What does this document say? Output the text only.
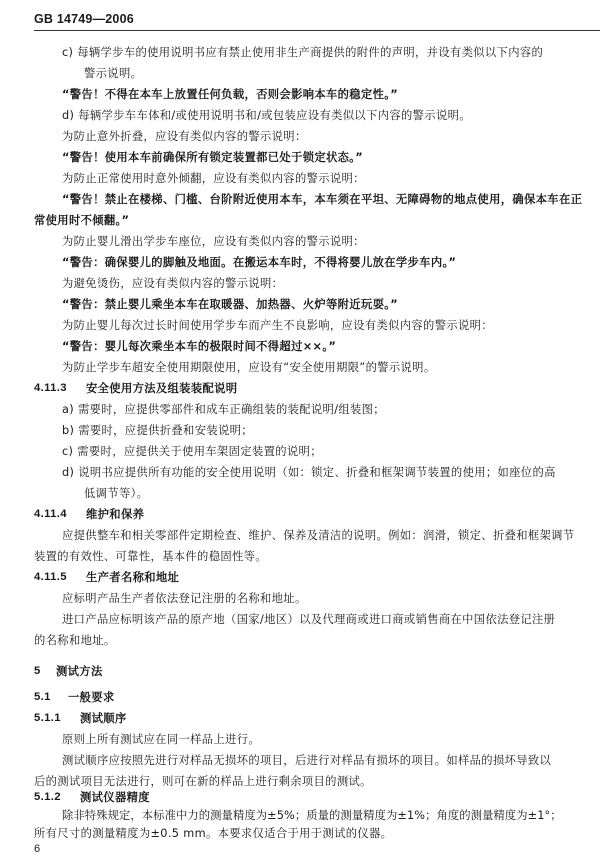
GB 14749—2006
c) 每辆学步车的使用说明书应有禁止使用非生产商提供的附件的声明，并设有类似以下内容的
警示说明。
“警告！不得在本车上放置任何负载，否则会影响本车的稳定性。”
d) 每辆学步车车体和/或使用说明书和/或包装应设有类似以下内容的警示说明。
为防止意外折叠，应设有类似内容的警示说明：
“警告！使用本车前确保所有锁定装置都已处于锁定状态。”
为防止正常使用时意外倾翻，应设有类似内容的警示说明：
“警告！禁止在楼梯、门槛、台阶附近使用本车，本车须在平坦、无障碍物的地点使用，确保本车在正
常使用时不倾翻。”
为防止婴儿滑出学步车座位，应设有类似内容的警示说明：
“警告：确保婴儿的脚触及地面。在搬运本车时，不得将婴儿放在学步车内。”
为避免烫伤，应设有类似内容的警示说明：
“警告：禁止婴儿乘坐本车在取暖器、加热器、火炉等附近玩耍。”
为防止婴儿每次过长时间使用学步车而产生不良影响，应设有类似内容的警示说明：
“警告：婴儿每次乘坐本车的极限时间不得超过××。”
为防止学步车超安全使用期限使用，应设有“安全使用期限”的警示说明。
4.11.3 安全使用方法及组装装配说明
a) 需要时，应提供零部件和成车正确组装的装配说明/组装图；
b) 需要时，应提供折叠和安装说明；
c) 需要时，应提供关于使用车架固定装置的说明；
d) 说明书应提供所有功能的安全使用说明（如：锁定、折叠和框架调节装置的使用；如座位的高
低调节等）。
4.11.4 维护和保养
应提供整车和相关零部件定期检查、维护、保养及清洁的说明。例如：润滑，锁定、折叠和框架调节
装置的有效性、可靠性，基本件的稳固性等。
4.11.5 生产者名称和地址
应标明产品生产者依法登记注册的名称和地址。
进口产品应标明该产品的原产地（国家/地区）以及代理商或进口商或销售商在中国依法登记注册
的名称和地址。
5 测试方法
5.1 一般要求
5.1.1 测试顺序
原则上所有测试应在同一样品上进行。
测试顺序应按照先进行对样品无损坏的项目，后进行对样品有损坏的项目。如样品的损坏导致以
后的测试项目无法进行，则可在新的样品上进行剩余项目的测试。
5.1.2 测试仪器精度
除非特殊规定，本标准中力的测量精度为±5%；质量的测量精度为±1%；角度的测量精度为±1°；
所有尺寸的测量精度为±0.5 mm。本要求仅适合于用于测试的仪器。
6
